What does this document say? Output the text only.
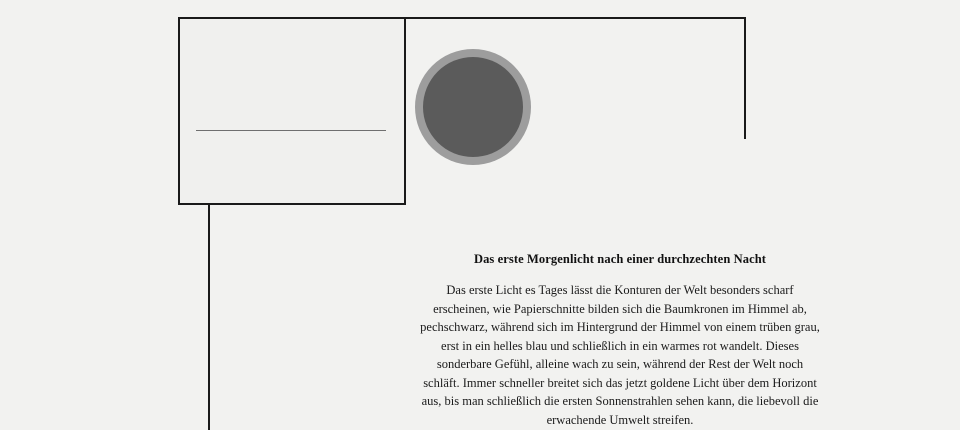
Das erste Morgenlicht nach einer durchzechten Nacht

Das erste Licht es Tages lässt die Konturen der Welt besonders scharf erscheinen, wie Papierschnitte bilden sich die Baumkronen im Himmel ab, pechschwarz, während sich im Hintergrund der Himmel von einem trüben grau, erst in ein helles blau und schließlich in ein warmes rot wandelt. Dieses sonderbare Gefühl, alleine wach zu sein, während der Rest der Welt noch schläft. Immer schneller breitet sich das jetzt goldene Licht über dem Horizont aus, bis man schließlich die ersten Sonnenstrahlen sehen kann, die liebevoll die erwachende Umwelt streifen.
